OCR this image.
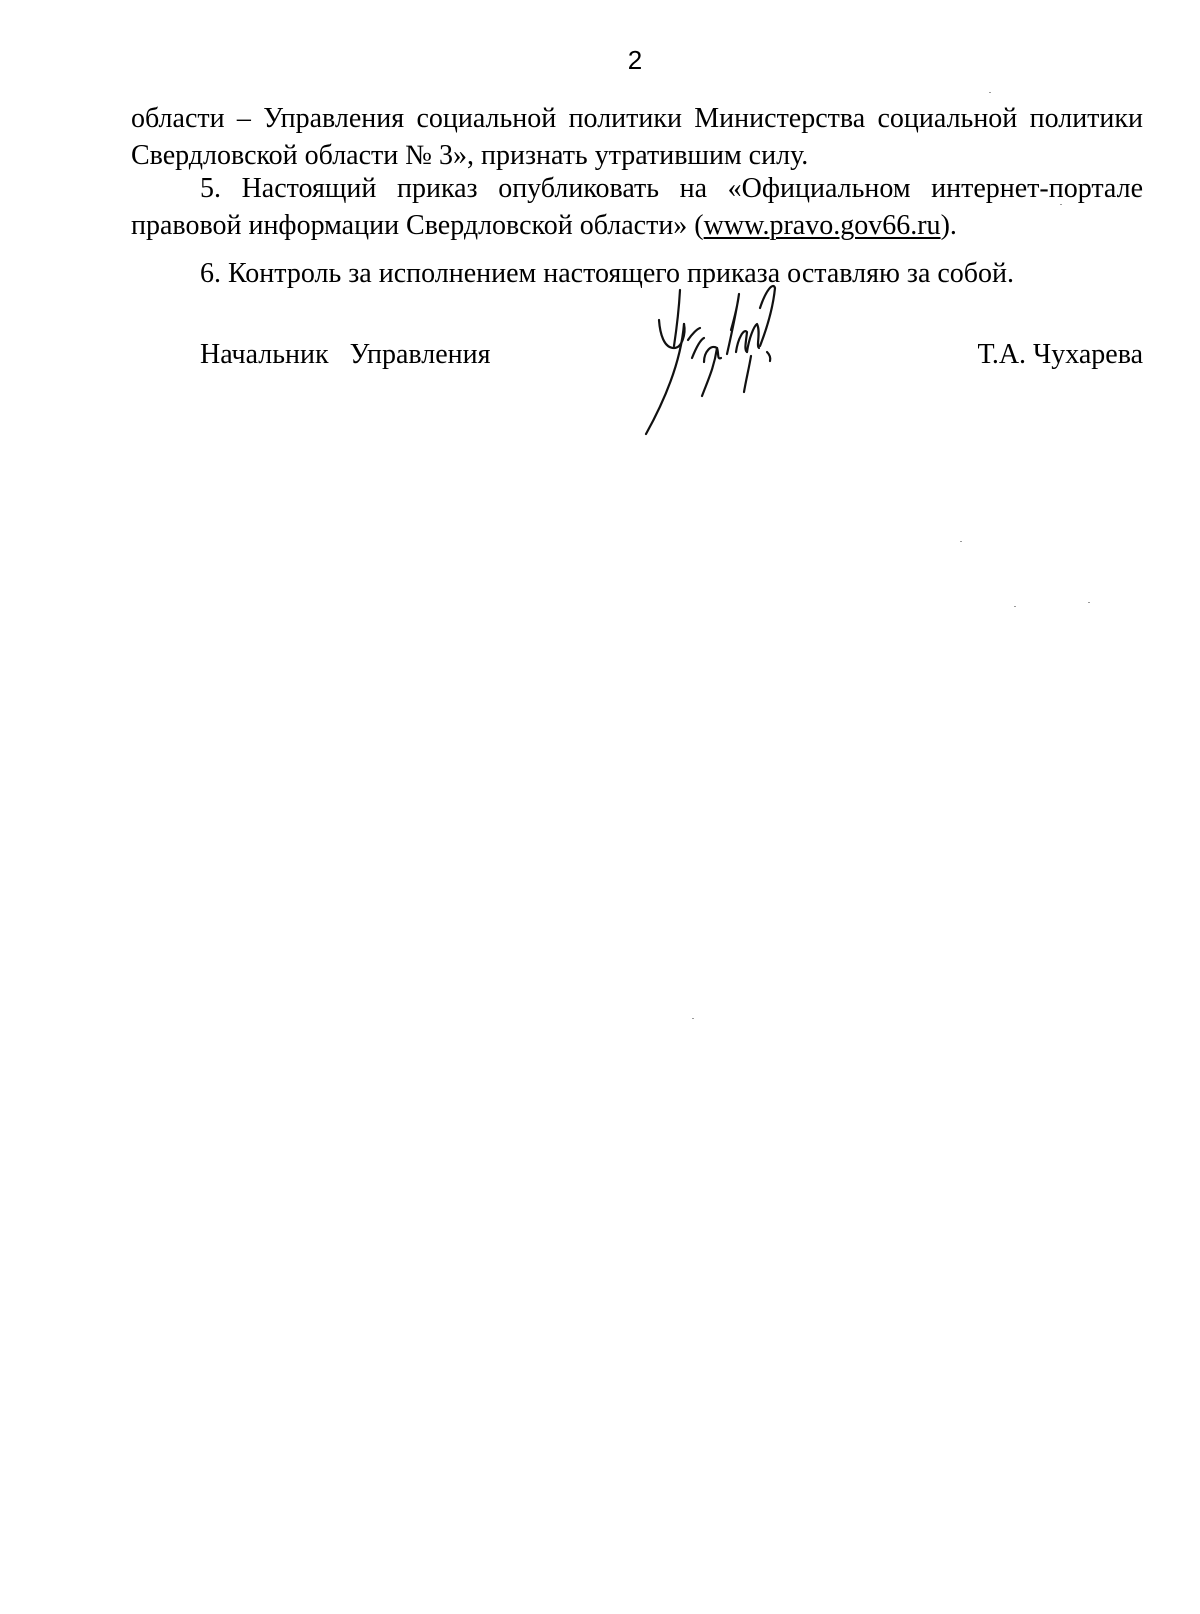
2
области – Управления социальной политики Министерства социальной политики Свердловской области № 3», признать утратившим силу.
5. Настоящий приказ опубликовать на «Официальном интернет-портале правовой информации Свердловской области» (www.pravo.gov66.ru).
6. Контроль за исполнением настоящего приказа оставляю за собой.
Начальник   Управления	Т.А. Чухарева
